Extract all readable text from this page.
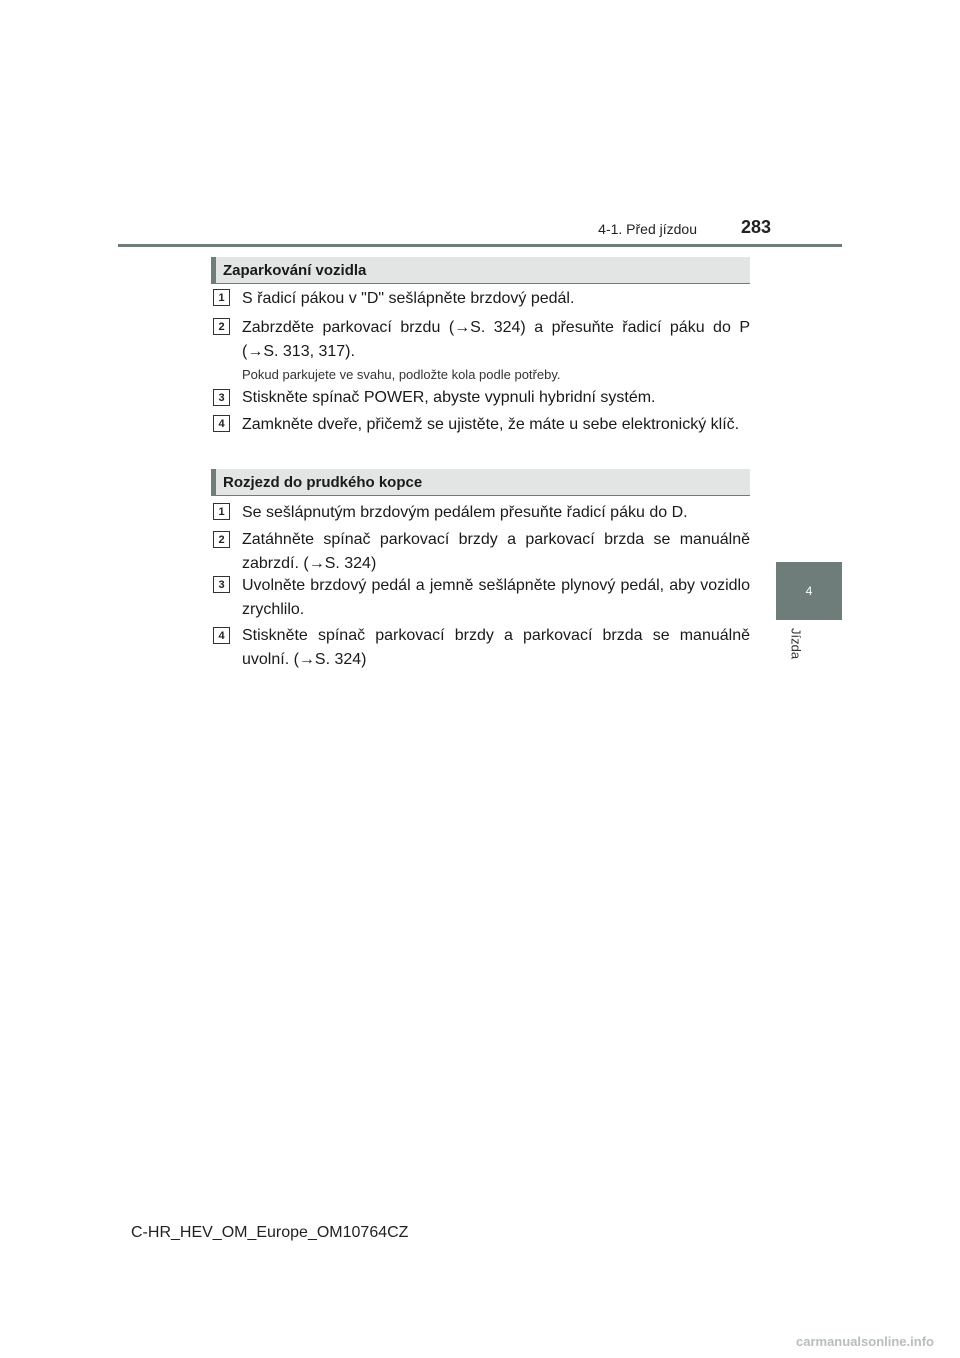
4-1. Před jízdou 283
4
Jízda
Zaparkování vozidla
1	S řadicí pákou v "D" sešlápněte brzdový pedál.
2	Zabrzděte parkovací brzdu (→S. 324) a přesuňte řadicí páku do P (→S. 313, 317).
Pokud parkujete ve svahu, podložte kola podle potřeby.
3	Stiskněte spínač POWER, abyste vypnuli hybridní systém.
4	Zamkněte dveře, přičemž se ujistěte, že máte u sebe elektronický klíč.
Rozjezd do prudkého kopce
1	Se sešlápnutým brzdovým pedálem přesuňte řadicí páku do D.
2	Zatáhněte spínač parkovací brzdy a parkovací brzda se manuálně zabrzdí. (→S. 324)
3	Uvolněte brzdový pedál a jemně sešlápněte plynový pedál, aby vozidlo zrychlilo.
4	Stiskněte spínač parkovací brzdy a parkovací brzda se manuálně uvolní. (→S. 324)
C-HR_HEV_OM_Europe_OM10764CZ
carmanualsonline.info
